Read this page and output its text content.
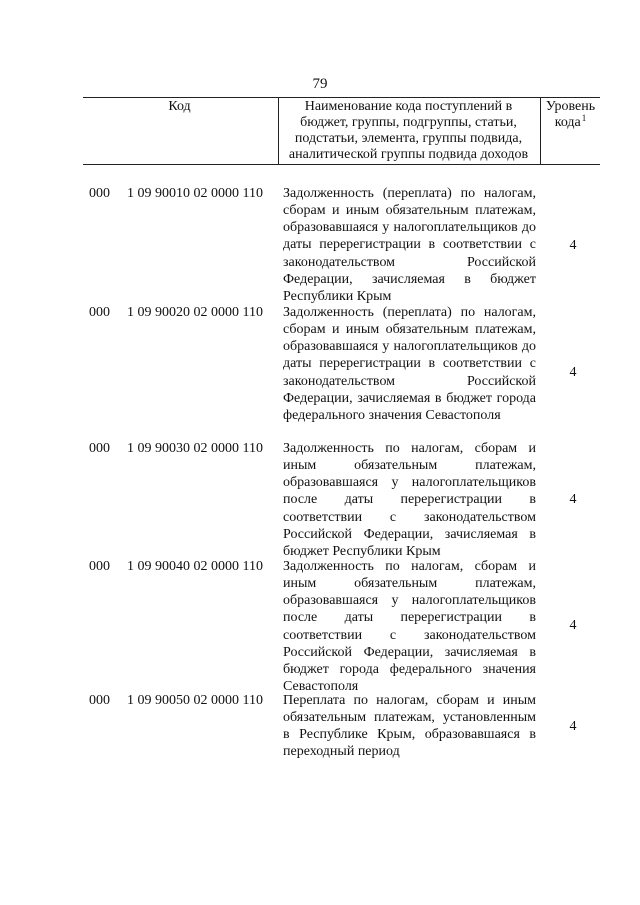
79
Код	Наименование кода поступлений в бюджет, группы, подгруппы, статьи, подстатьи, элемента, группы подвида, аналитической группы подвида доходов
Уровень кода$^1$
000 1 09 90010 02 0000 110 Задолженность (переплата) по налогам, сборам и иным обязательным платежам, образовавшаяся у налогоплательщиков до даты перерегистрации в соответствии с законодательством Российской Федерации, зачисляемая в бюджет Республики Крым
4
000 1 09 90020 02 0000 110 Задолженность (переплата) по налогам, сборам и иным обязательным платежам, образовавшаяся у налогоплательщиков до даты перерегистрации в соответствии с законодательством Российской Федерации, зачисляемая в бюджет города федерального значения Севастополя
4
000 1 09 90030 02 0000 110 Задолженность по налогам, сборам и иным обязательным платежам, образовавшаяся у налогоплательщиков после даты перерегистрации в соответствии с законодательством Российской Федерации, зачисляемая в бюджет Республики Крым
4
000 1 09 90040 02 0000 110 Задолженность по налогам, сборам и иным обязательным платежам, образовавшаяся у налогоплательщиков после даты перерегистрации в соответствии с законодательством Российской Федерации, зачисляемая в бюджет города федерального значения Севастополя
4
000 1 09 90050 02 0000 110 Переплата по налогам, сборам и иным обязательным платежам, установленным в Республике Крым, образовавшаяся в переходный период
4
